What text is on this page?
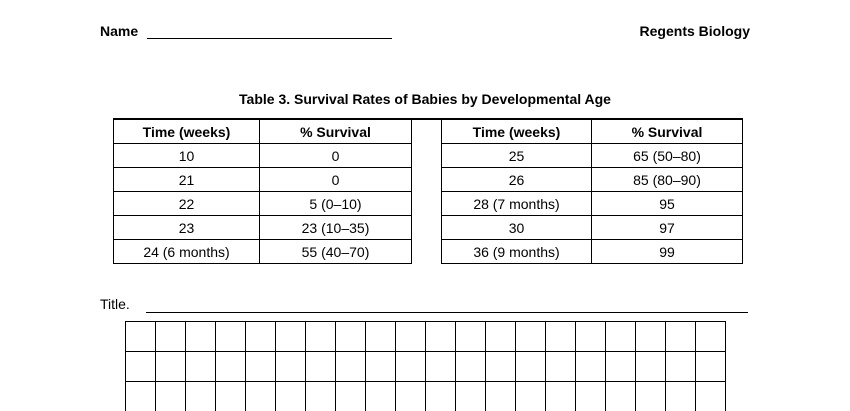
Name	Regents Biology
Table 3. Survival Rates of Babies by Developmental Age
Time (weeks)	% Survival		Time (weeks)	% Survival
10	0		25	65 (50–80)
21	0		26	85 (80–90)
22	5 (0–10)		28 (7 months)	95
23	23 (10–35)		30	97
24 (6 months)	55 (40–70)		36 (9 months)	99
Title.
